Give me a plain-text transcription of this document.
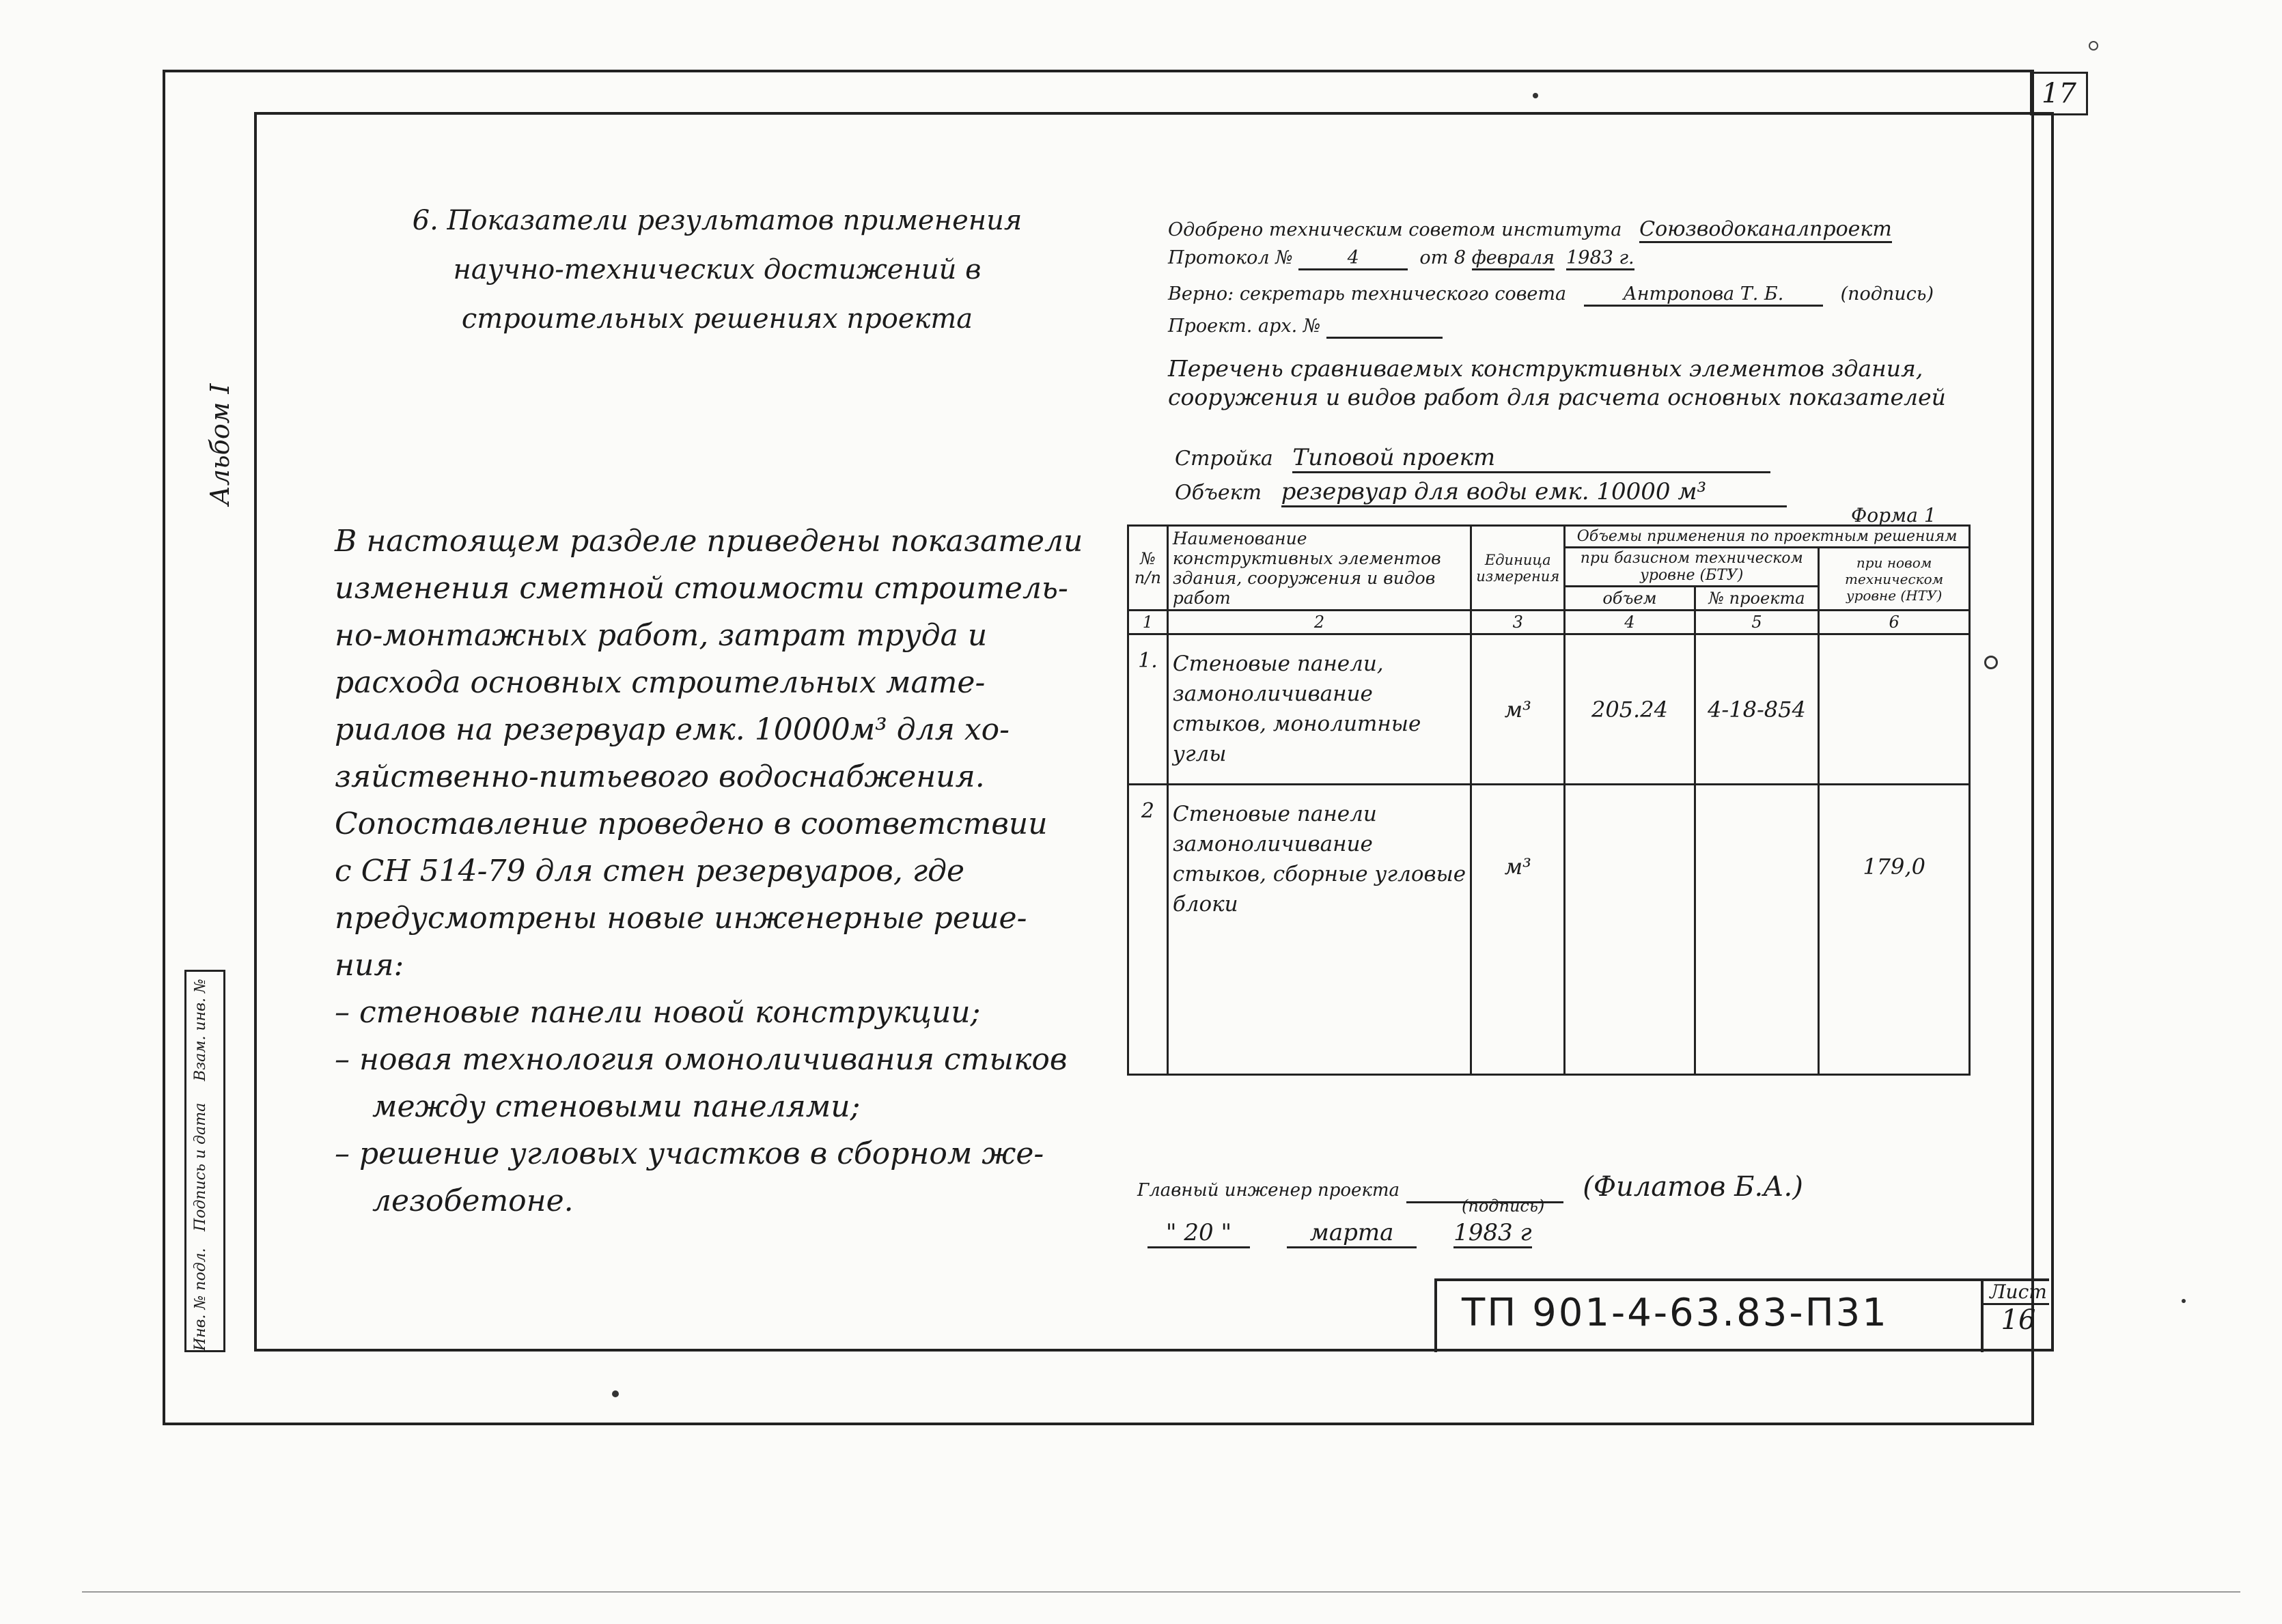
17
Альбом I
Инв. № подл.
Подпись и дата
Взам. инв. №
6. Показатели результатов применения
научно-технических достижений в
строительных решениях проекта

В настоящем разделе приведены показатели

изменения сметной стоимости строитель-

но-монтажных работ, затрат труда и

расхода основных строительных мате-

риалов на резервуар емк. 10000м³ для хо-

зяйственно-питьевого водоснабжения.

Сопоставление проведено в соответствии

с СН 514-79 для стен резервуаров, где

предусмотрены новые инженерные реше-

ния:

– стеновые панели новой конструкции;

– новая технология омоноличивания стыков

между стеновыми панелями;

– решение угловых участков в сборном же-

лезобетоне.

Одобрено техническим советом института Союзводоканалпроект
Протокол №	4	от 8 февраля 1983 г.
Верно: секретарь технического совета	Антропова Т. Б.	(подпись)
Проект. арх. №
Перечень сравниваемых конструктивных элементов здания,
сооружения и видов работ для расчета основных показателей
Стройка Типовой проект
Объект резервуар для воды емк. 10000 м³
Форма 1
№ п/п	Наименование конструктивных элементов здания, сооружения и видов работ	Единица измерения	Объемы применения по проектным решениям		
			при базисном техническом уровне (БТУ)		при новом техническом уровне (НТУ)
			объем	№ проекта	
1	2	3	4	5	6
1.	Стеновые панели, замоноличивание стыков, монолитные углы	м³	205.24	4-18-854	
2	Стеновые панели замоноличивание стыков, сборные угловые блоки	м³			179,0
Главный инженер проекта	(Филатов Б.А.)
(подпись)
" 20 "	марта	1983 г
ТП 901-4-63.83-П31	Лист
16
